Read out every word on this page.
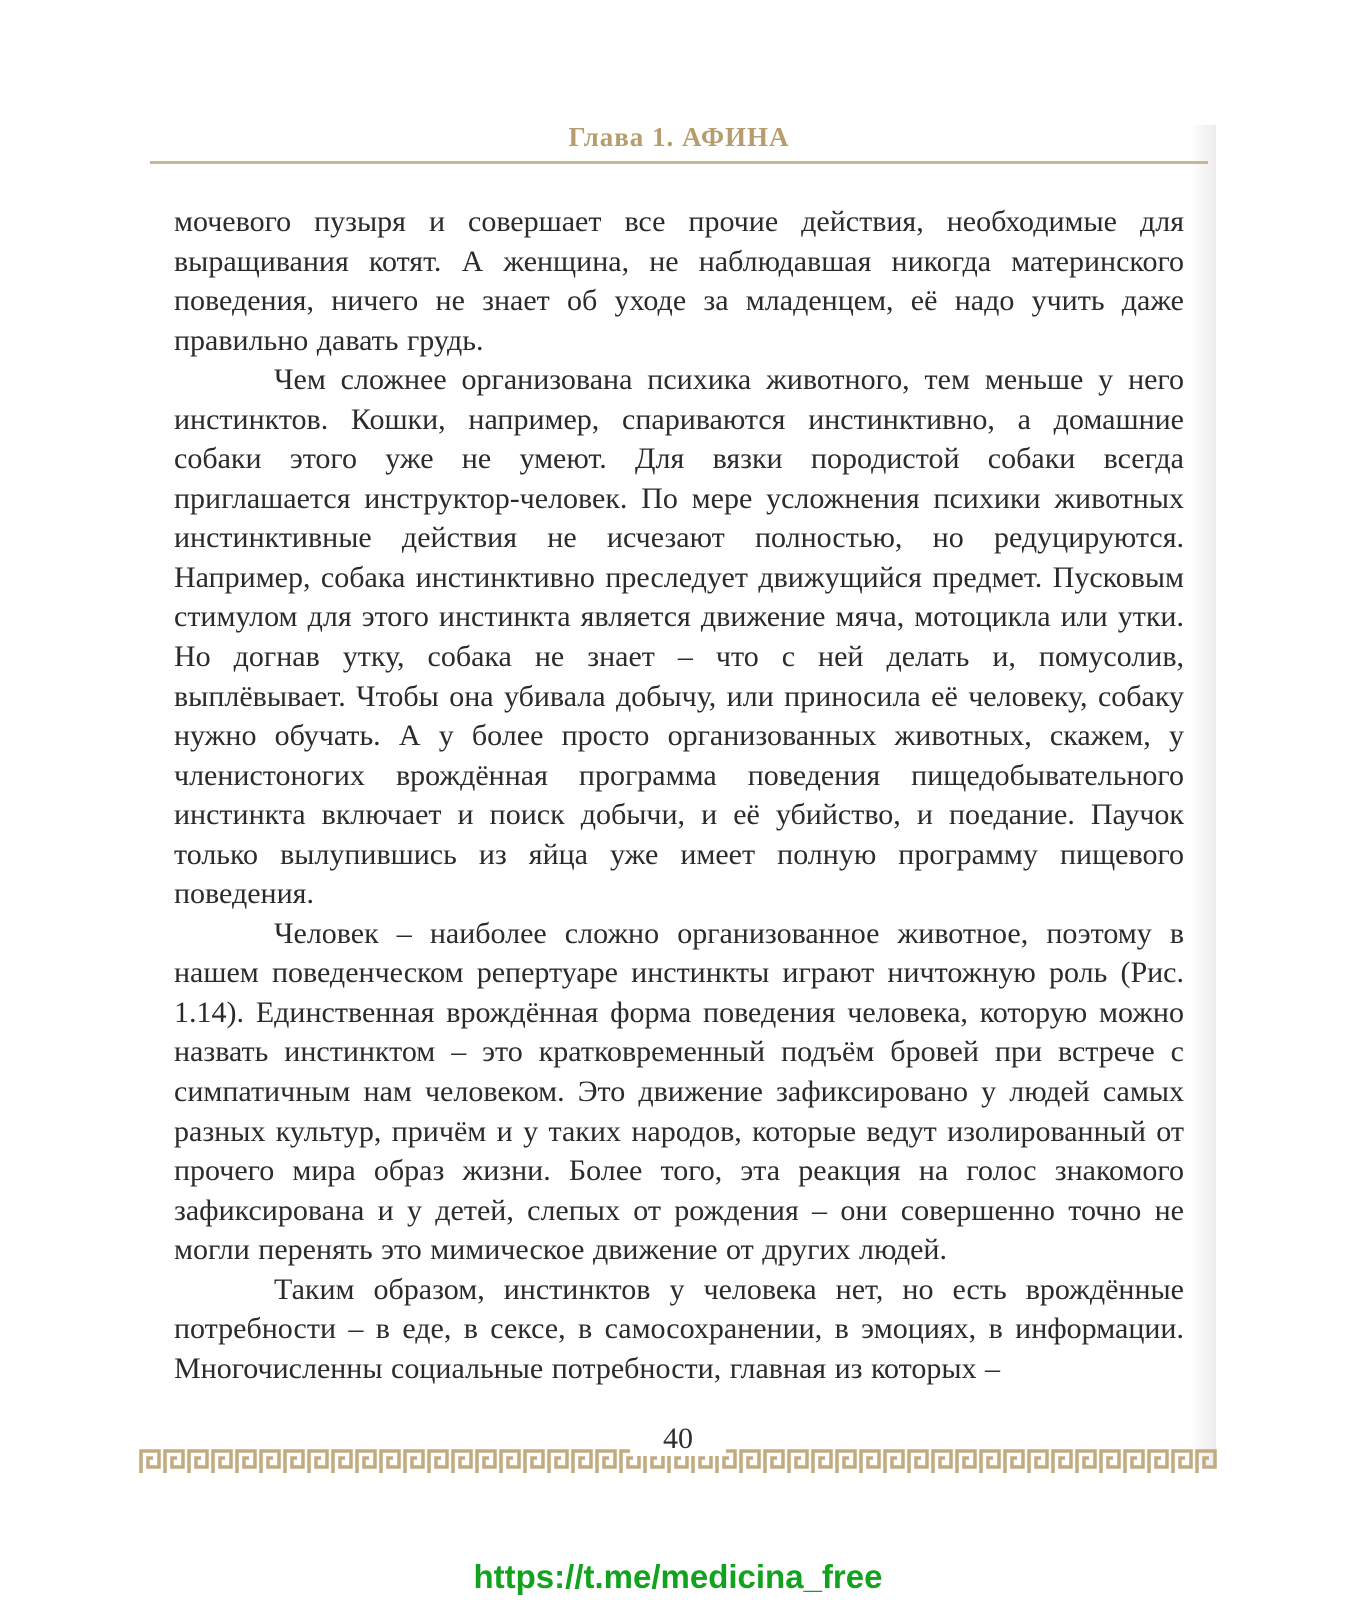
Глава 1. АФИНА

мочевого пузыря и совершает все прочие действия, необходимые для выращивания котят. А женщина, не наблюдавшая никогда материнского поведения, ничего не знает об уходе за младенцем, её надо учить даже правильно давать грудь.

Чем сложнее организована психика животного, тем меньше у него инстинктов. Кошки, например, спариваются инстинктивно, а домашние собаки этого уже не умеют. Для вязки породистой собаки всегда приглашается инструктор-человек. По мере усложнения психики животных инстинктивные действия не исчезают полностью, но редуцируются. Например, собака инстинктивно преследует движущийся предмет. Пусковым стимулом для этого инстинкта является движение мяча, мотоцикла или утки. Но догнав утку, собака не знает – что с ней делать и, помусолив, выплёвывает. Чтобы она убивала добычу, или приносила её человеку, собаку нужно обучать. А у более просто организованных животных, скажем, у членистоногих врождённая программа поведения пищедобывательного инстинкта включает и поиск добычи, и её убийство, и поедание. Паучок только вылупившись из яйца уже имеет полную программу пищевого поведения.

Человек – наиболее сложно организованное животное, поэтому в нашем поведенческом репертуаре инстинкты играют ничтожную роль (Рис. 1.14). Единственная врождённая форма поведения человека, которую можно назвать инстинктом – это кратковременный подъём бровей при встрече с симпатичным нам человеком. Это движение зафиксировано у людей самых разных культур, причём и у таких народов, которые ведут изолированный от прочего мира образ жизни. Более того, эта реакция на голос знакомого зафиксирована и у детей, слепых от рождения – они совершенно точно не могли перенять это мимическое движение от других людей.

Таким образом, инстинктов у человека нет, но есть врождённые потребности – в еде, в сексе, в самосохранении, в эмоциях, в информации. Многочисленны социальные потребности, главная из которых –

40
https://t.me/medicina_free
